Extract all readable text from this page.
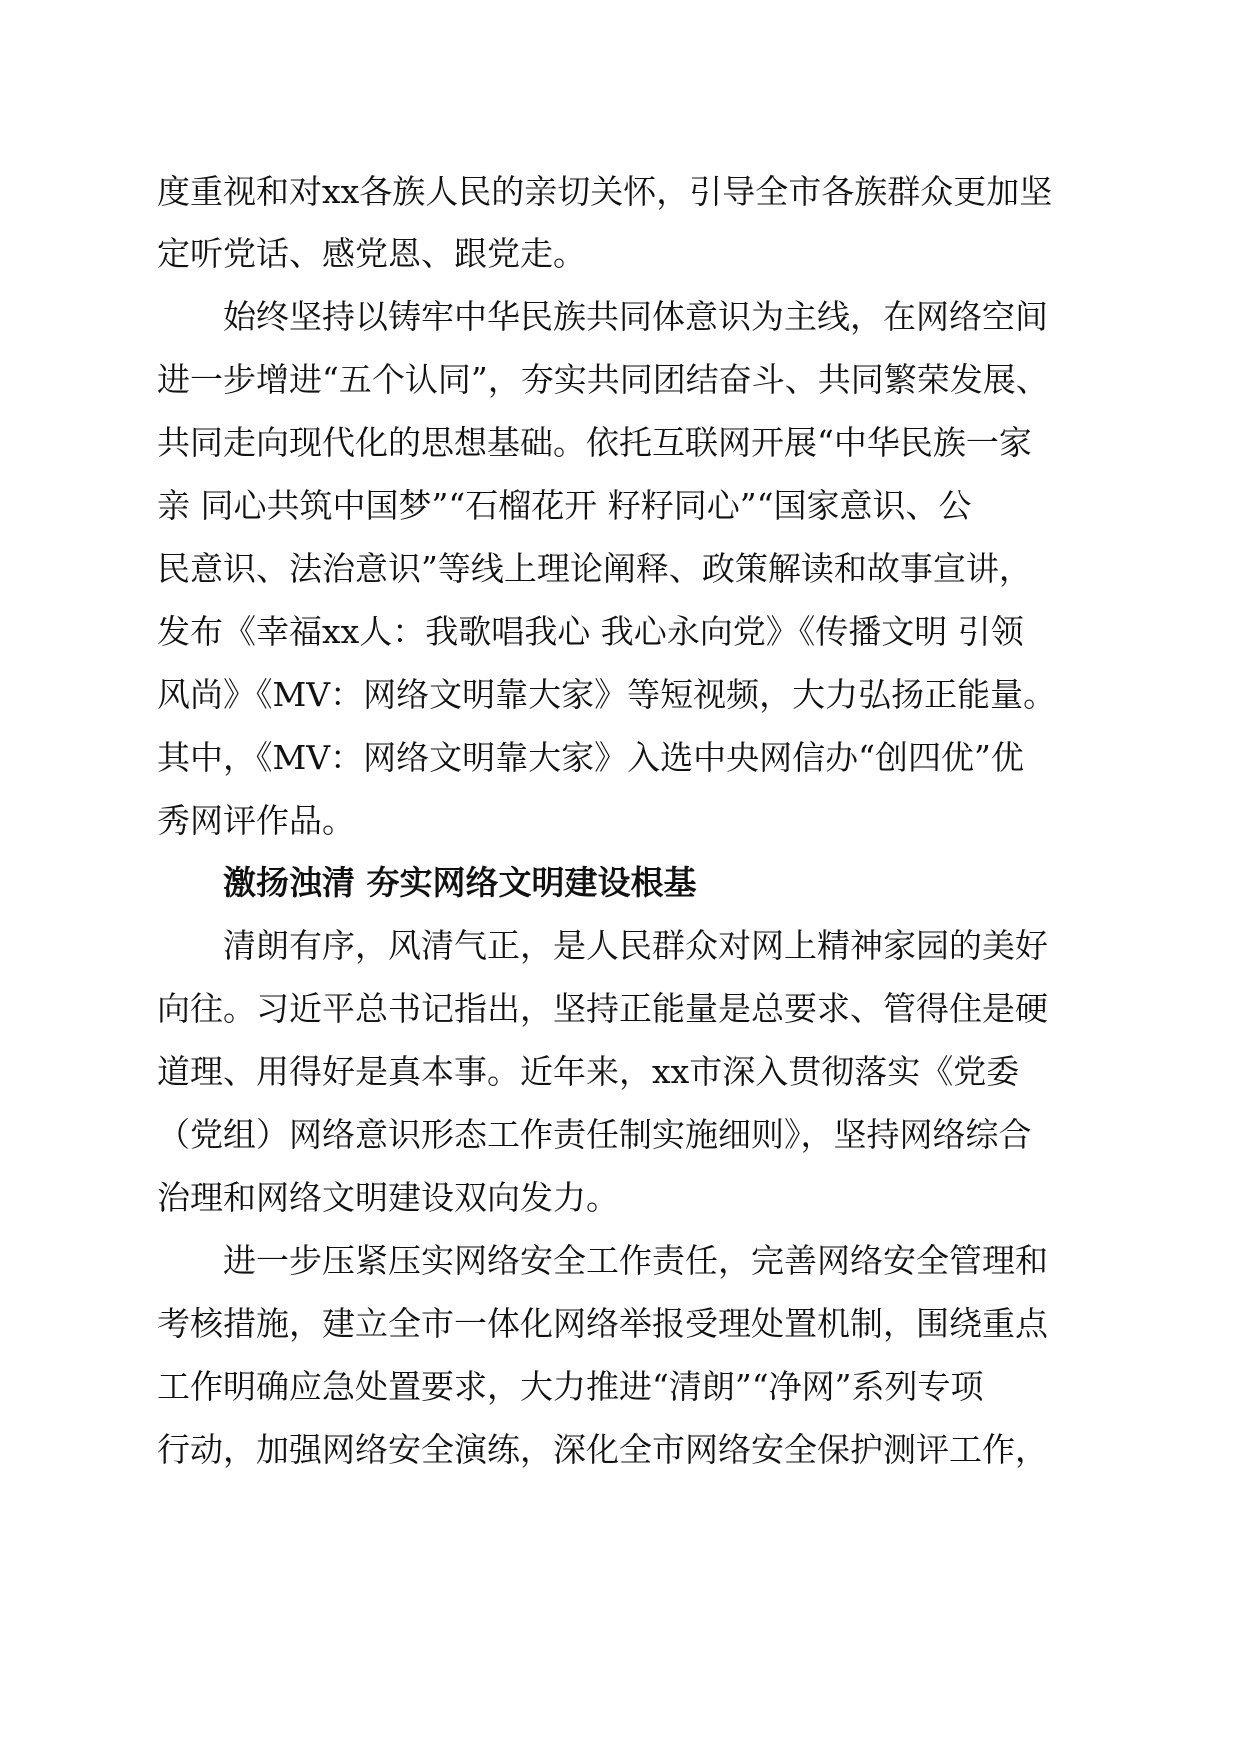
度重视和对xx各族人民的亲切关怀，引导全市各族群众更加坚
定听党话、感党恩、跟党走。
始终坚持以铸牢中华民族共同体意识为主线，在网络空间
进一步增进“五个认同”，夯实共同团结奋斗、共同繁荣发展、
共同走向现代化的思想基础。依托互联网开展“中华民族一家
亲 同心共筑中国梦”“石榴花开 籽籽同心”“国家意识、公
民意识、法治意识”等线上理论阐释、政策解读和故事宣讲，
发布《幸福xx人：我歌唱我心 我心永向党》《传播文明 引领
风尚》《MV：网络文明靠大家》等短视频，大力弘扬正能量。
其中，《MV：网络文明靠大家》入选中央网信办“创四优”优
秀网评作品。
激扬浊清 夯实网络文明建设根基
清朗有序，风清气正，是人民群众对网上精神家园的美好
向往。习近平总书记指出，坚持正能量是总要求、管得住是硬
道理、用得好是真本事。近年来，xx市深入贯彻落实《党委
（党组）网络意识形态工作责任制实施细则》，坚持网络综合
治理和网络文明建设双向发力。
进一步压紧压实网络安全工作责任，完善网络安全管理和
考核措施，建立全市一体化网络举报受理处置机制，围绕重点
工作明确应急处置要求，大力推进“清朗”“净网”系列专项
行动，加强网络安全演练，深化全市网络安全保护测评工作，
